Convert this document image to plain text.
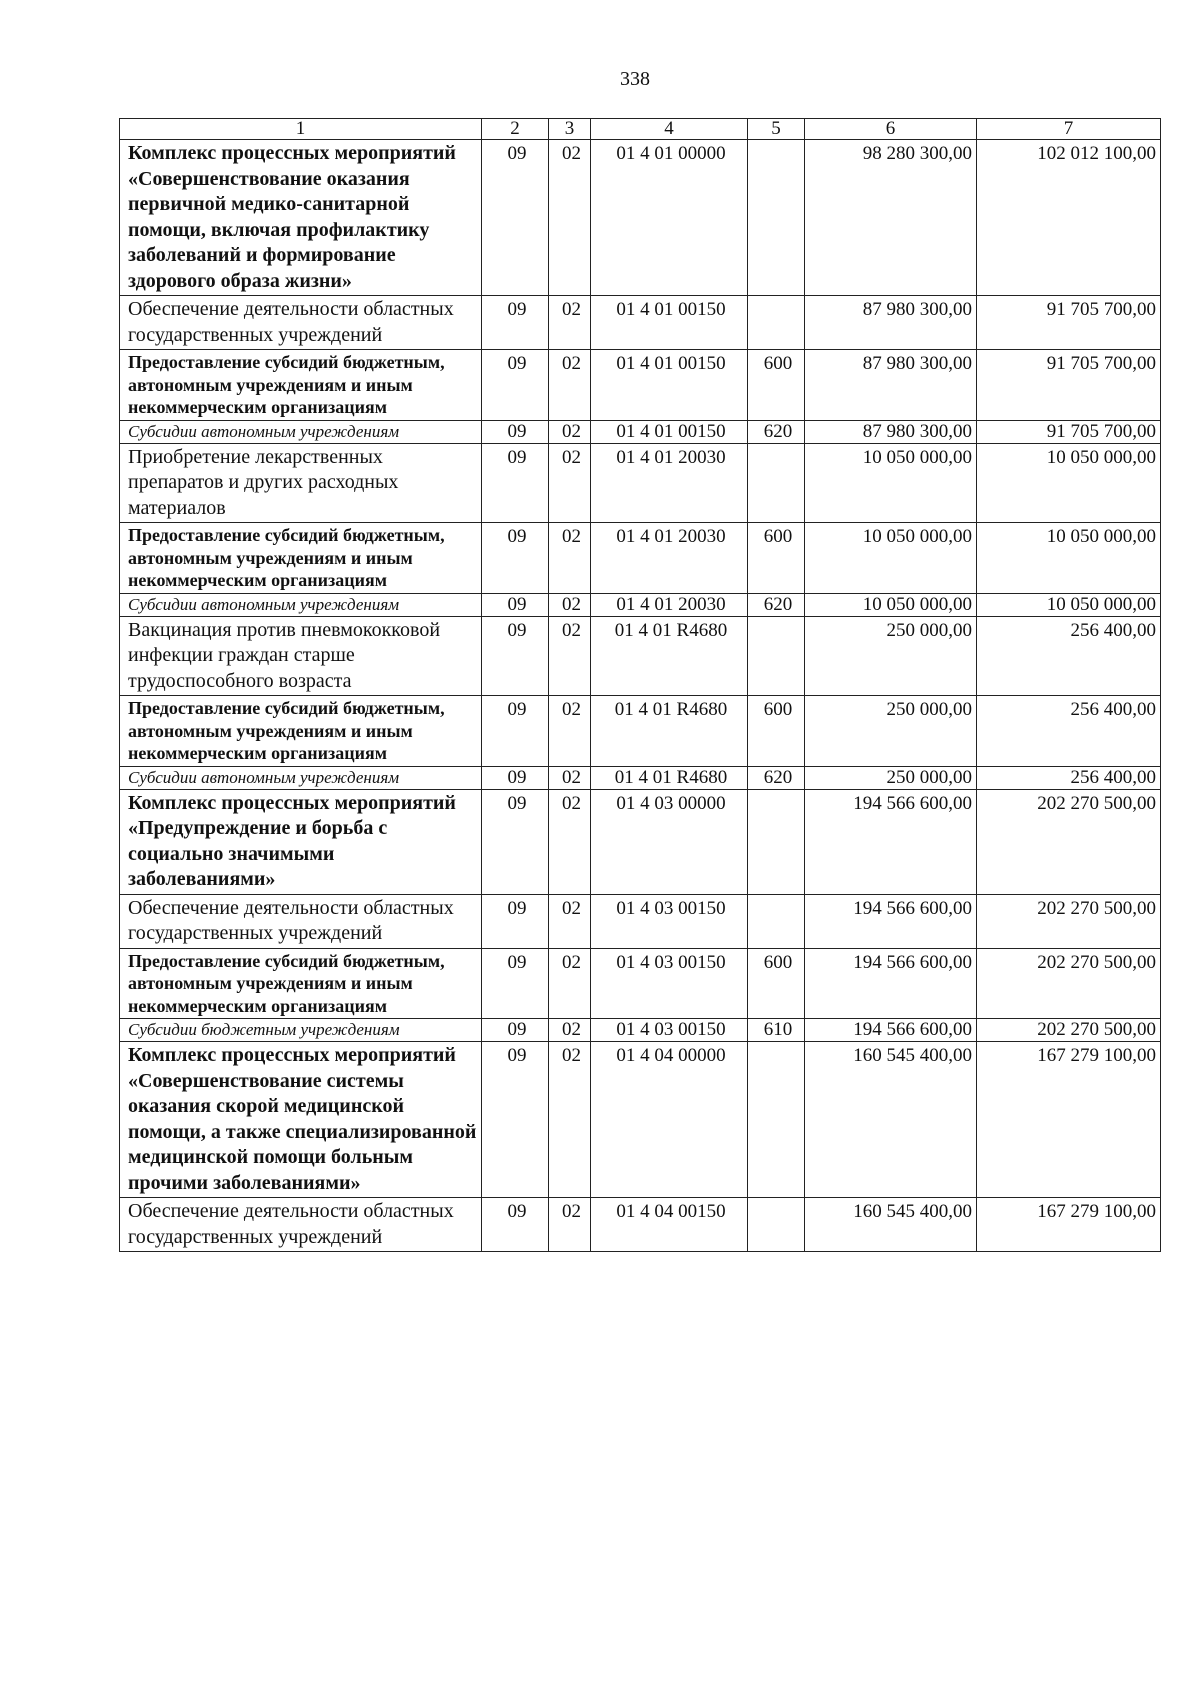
338
1	2	3	4	5	6	7
Комплекс процессных мероприятий «Совершенствование оказания первичной медико-санитарной помощи, включая профилактику заболеваний и формирование здорового образа жизни»	09	02	01 4 01 00000		98 280 300,00	102 012 100,00
Обеспечение деятельности областных государственных учреждений	09	02	01 4 01 00150		87 980 300,00	91 705 700,00
Предоставление субсидий бюджетным, автономным учреждениям и иным некоммерческим организациям	09	02	01 4 01 00150	600	87 980 300,00	91 705 700,00
Субсидии автономным учреждениям	09	02	01 4 01 00150	620	87 980 300,00	91 705 700,00
Приобретение лекарственных препаратов и других расходных материалов	09	02	01 4 01 20030		10 050 000,00	10 050 000,00
Предоставление субсидий бюджетным, автономным учреждениям и иным некоммерческим организациям	09	02	01 4 01 20030	600	10 050 000,00	10 050 000,00
Субсидии автономным учреждениям	09	02	01 4 01 20030	620	10 050 000,00	10 050 000,00
Вакцинация против пневмококковой инфекции граждан старше трудоспособного возраста	09	02	01 4 01 R4680		250 000,00	256 400,00
Предоставление субсидий бюджетным, автономным учреждениям и иным некоммерческим организациям	09	02	01 4 01 R4680	600	250 000,00	256 400,00
Субсидии автономным учреждениям	09	02	01 4 01 R4680	620	250 000,00	256 400,00
Комплекс процессных мероприятий «Предупреждение и борьба с социально значимыми заболеваниями»	09	02	01 4 03 00000		194 566 600,00	202 270 500,00
Обеспечение деятельности областных государственных учреждений	09	02	01 4 03 00150		194 566 600,00	202 270 500,00
Предоставление субсидий бюджетным, автономным учреждениям и иным некоммерческим организациям	09	02	01 4 03 00150	600	194 566 600,00	202 270 500,00
Субсидии бюджетным учреждениям	09	02	01 4 03 00150	610	194 566 600,00	202 270 500,00
Комплекс процессных мероприятий «Совершенствование системы оказания скорой медицинской помощи, а также специализированной медицинской помощи больным прочими заболеваниями»	09	02	01 4 04 00000		160 545 400,00	167 279 100,00
Обеспечение деятельности областных государственных учреждений	09	02	01 4 04 00150		160 545 400,00	167 279 100,00
